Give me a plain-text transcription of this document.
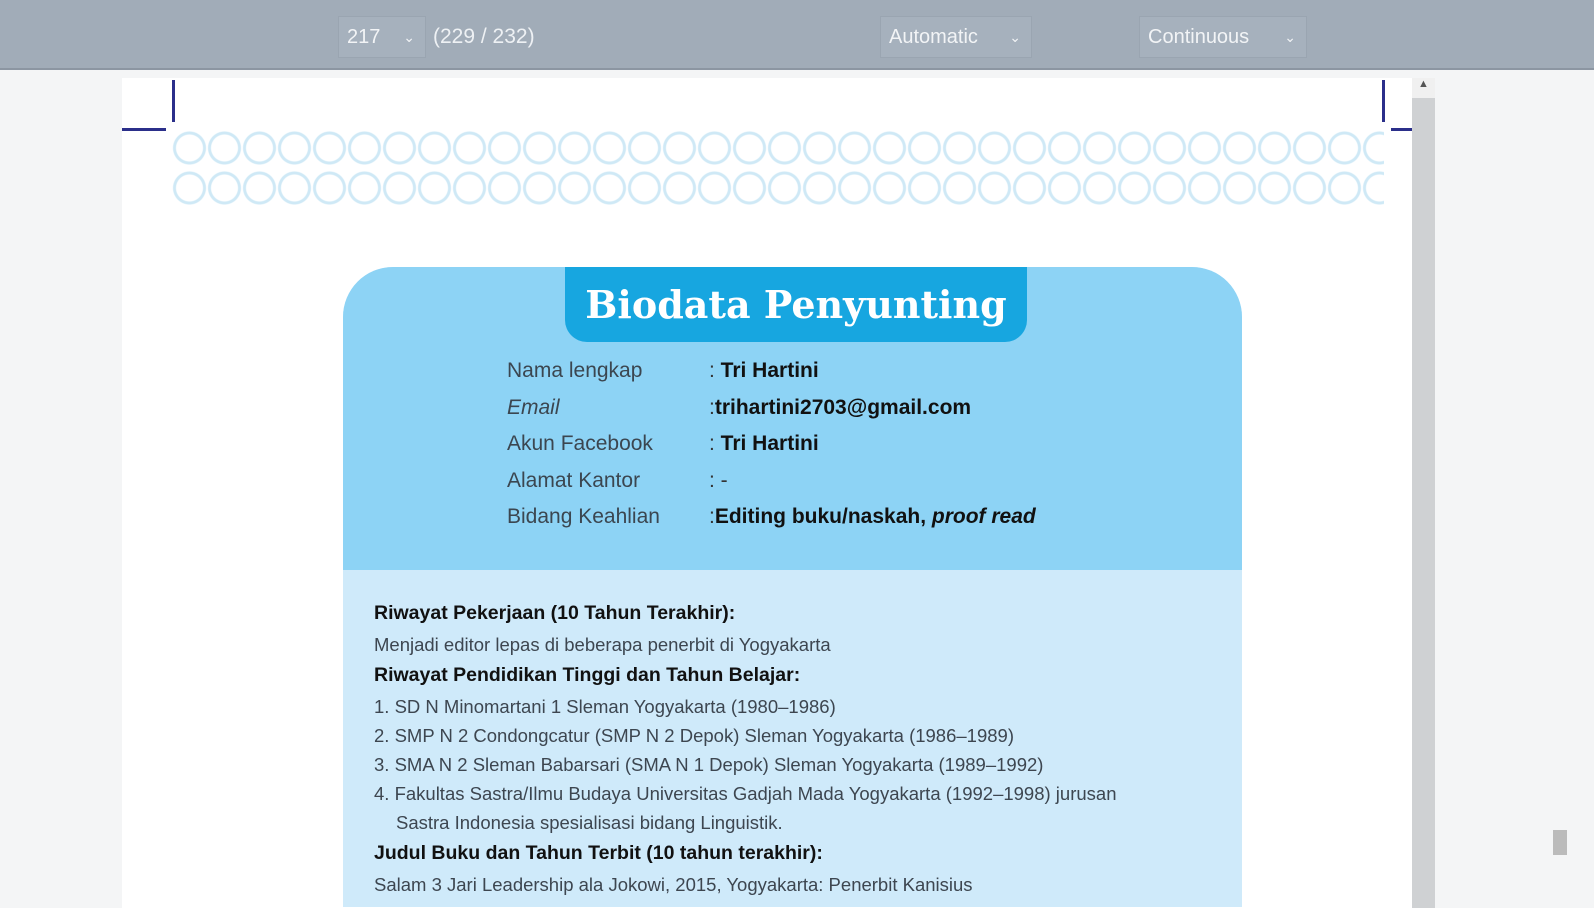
217 ⌄ (229 / 232)	Automatic ⌄	Continuous	⌄
Biodata Penyunting
Nama lengkap	: Tri Hartini
Email	:trihartini2703@gmail.com
Akun Facebook	: Tri Hartini
Alamat Kantor	: -
Bidang Keahlian :Editing buku/naskah, proof read
Riwayat Pekerjaan (10 Tahun Terakhir):
Menjadi editor lepas di beberapa penerbit di Yogyakarta
Riwayat Pendidikan Tinggi dan Tahun Belajar:
1. SD N Minomartani 1 Sleman Yogyakarta (1980–1986)
2. SMP N 2 Condongcatur (SMP N 2 Depok) Sleman Yogyakarta (1986–1989)
3. SMA N 2 Sleman Babarsari (SMA N 1 Depok) Sleman Yogyakarta (1989–1992)
4. Fakultas Sastra/Ilmu Budaya Universitas Gadjah Mada Yogyakarta (1992–1998) jurusan
Sastra Indonesia spesialisasi bidang Linguistik.
Judul Buku dan Tahun Terbit (10 tahun terakhir):
Salam 3 Jari Leadership ala Jokowi, 2015, Yogyakarta: Penerbit Kanisius
▲
